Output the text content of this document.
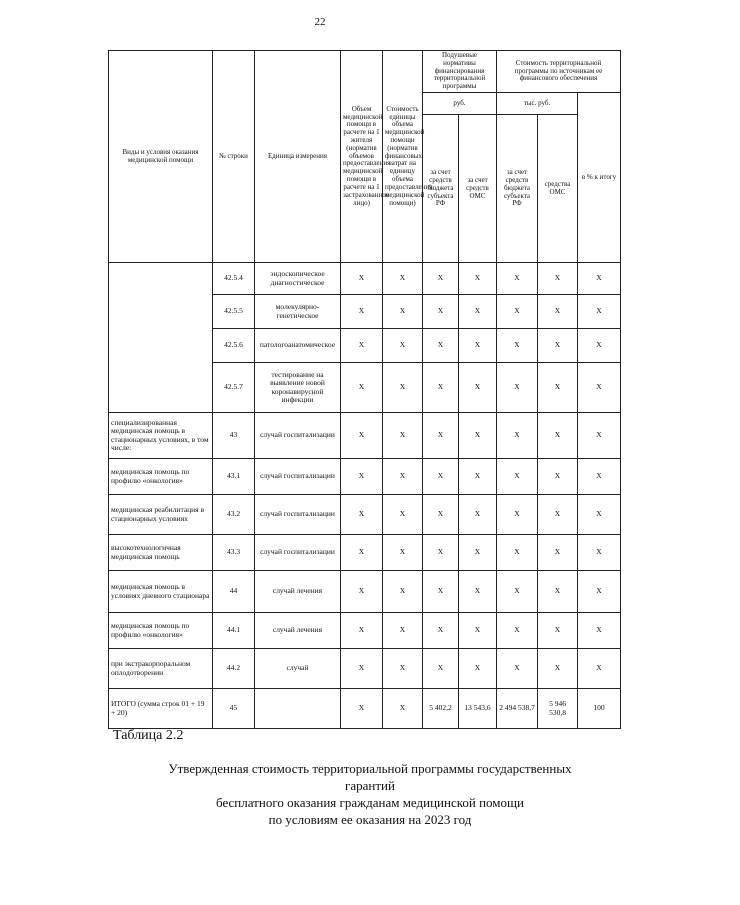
22
Виды и условия оказания медицинской помощи	№ строки	Единица измерения	Объем медицинской помощи в расчете на 1 жителя (норматив объемов предоставления медицинской помощи в расчете на 1 застрахованное лицо)	Стоимость единицы объема медицинской помощи (норматив финансовых затрат на единицу объема предоставления медицинской помощи)	Подушевые нормативы финансирования территориальной программы		Стоимость территориальной программы по источникам ее финансового обеспечения		
					руб.		тыс. руб.		в % к итогу
					за счет средств бюджета субъекта РФ	за счет средств ОМС	за счет средств бюджета субъекта РФ	средства ОМС	
	42.5.4	эндоскопическое диагностическое	X	X	X	X	X	X	X
	42.5.5	молекулярно-генетическое	X	X	X	X	X	X	X
	42.5.6	патологоанатомическое	X	X	X	X	X	X	X
	42.5.7	тестирование на выявление новой коронавирусной инфекции	X	X	X	X	X	X	X
специализированная медицинская помощь в стационарных условиях, в том числе:	43	случай госпитализации	X	X	X	X	X	X	X
медицинская помощь по профилю «онкология»	43.1	случай госпитализации	X	X	X	X	X	X	X
медицинская реабилитация в стационарных условиях	43.2	случай госпитализации	X	X	X	X	X	X	X
высокотехнологичная медицинская помощь	43.3	случай госпитализации	X	X	X	X	X	X	X
медицинская помощь в условиях дневного стационара	44	случай лечения	X	X	X	X	X	X	X
медицинская помощь по профилю «онкология»	44.1	случай лечения	X	X	X	X	X	X	X
при экстракорпоральном оплодотворении	44.2	случай	X	X	X	X	X	X	X
ИТОГО (сумма строк 01 + 19 + 20)	45		X	X	5 402,2	13 543,6	2 494 538,7	5 946 530,8	100
Таблица 2.2
Утвержденная стоимость территориальной программы государственных
гарантий
бесплатного оказания гражданам медицинской помощи
по условиям ее оказания на 2023 год
